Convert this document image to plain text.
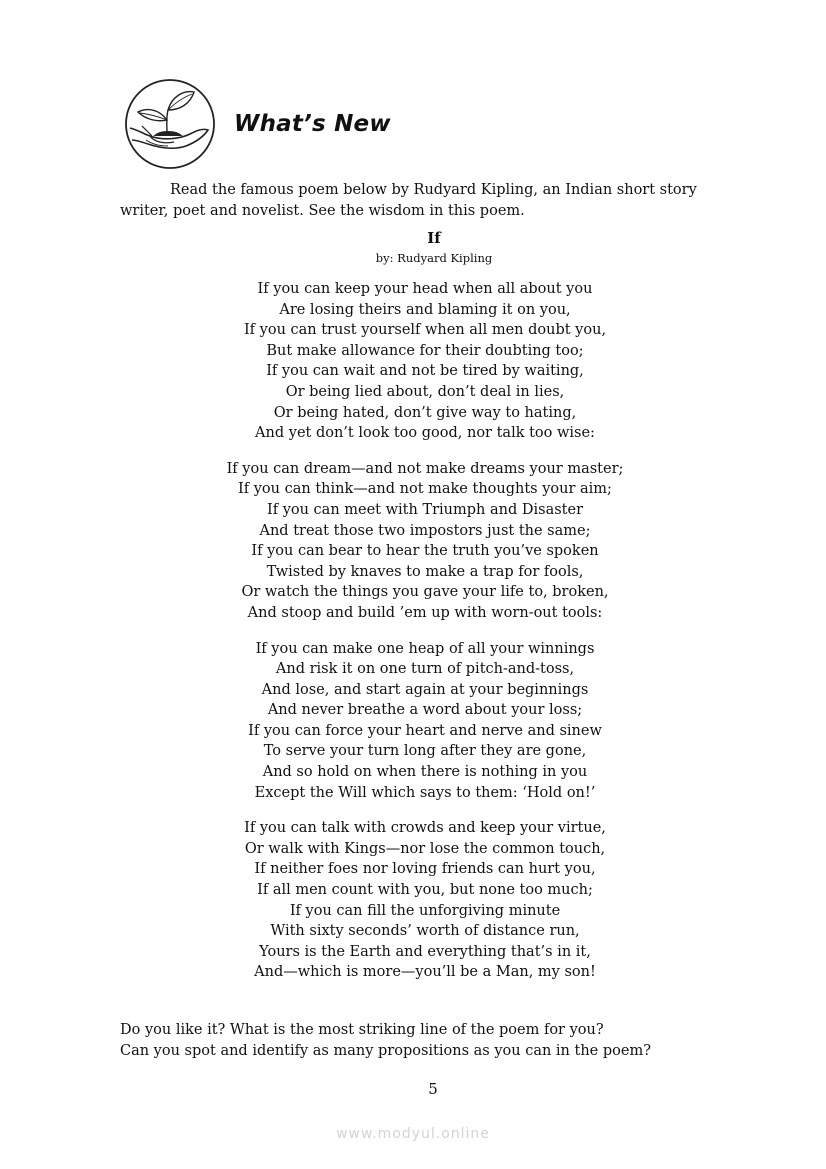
What’s New

Read the famous poem below by Rudyard Kipling, an Indian short story
writer, poet and novelist. See the wisdom in this poem.

If

by: Rudyard Kipling

If you can keep your head when all about you
Are losing theirs and blaming it on you,
If you can trust yourself when all men doubt you,
But make allowance for their doubting too;
If you can wait and not be tired by waiting,
Or being lied about, don’t deal in lies,
Or being hated, don’t give way to hating,
And yet don’t look too good, nor talk too wise:
If you can dream—and not make dreams your master;
If you can think—and not make thoughts your aim;
If you can meet with Triumph and Disaster
And treat those two impostors just the same;
If you can bear to hear the truth you’ve spoken
Twisted by knaves to make a trap for fools,
Or watch the things you gave your life to, broken,
And stoop and build ’em up with worn-out tools:
If you can make one heap of all your winnings
And risk it on one turn of pitch-and-toss,
And lose, and start again at your beginnings
And never breathe a word about your loss;
If you can force your heart and nerve and sinew
To serve your turn long after they are gone,
And so hold on when there is nothing in you
Except the Will which says to them: ‘Hold on!’
If you can talk with crowds and keep your virtue,
Or walk with Kings—nor lose the common touch,
If neither foes nor loving friends can hurt you,
If all men count with you, but none too much;
If you can fill the unforgiving minute
With sixty seconds’ worth of distance run,
Yours is the Earth and everything that’s in it,
And—which is more—you’ll be a Man, my son!

Do you like it? What is the most striking line of the poem for you?
Can you spot and identify as many propositions as you can in the poem?

5

www.modyul.online
